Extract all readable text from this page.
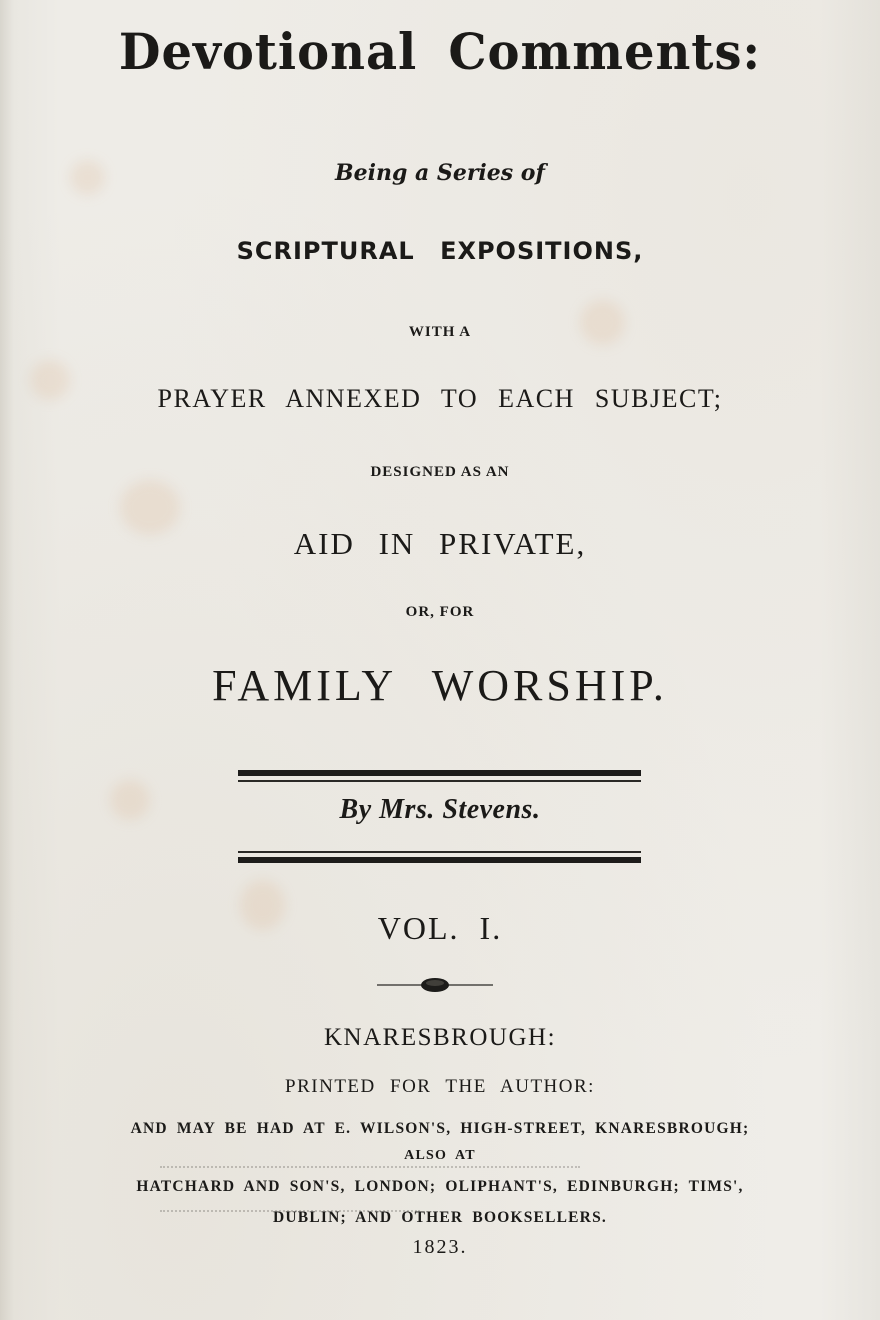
Devotional Comments:
Being a Series of
SCRIPTURAL EXPOSITIONS,
WITH A
PRAYER ANNEXED TO EACH SUBJECT;
DESIGNED AS AN
AID IN PRIVATE,
OR, FOR
FAMILY WORSHIP.
By Mrs. Stevens.
VOL. I.
KNARESBROUGH:
PRINTED FOR THE AUTHOR:
AND MAY BE HAD AT E. WILSON'S, HIGH-STREET, KNARESBROUGH;
ALSO AT
HATCHARD AND SON'S, LONDON; OLIPHANT'S, EDINBURGH; TIMS',
DUBLIN; AND OTHER BOOKSELLERS.
1823.
